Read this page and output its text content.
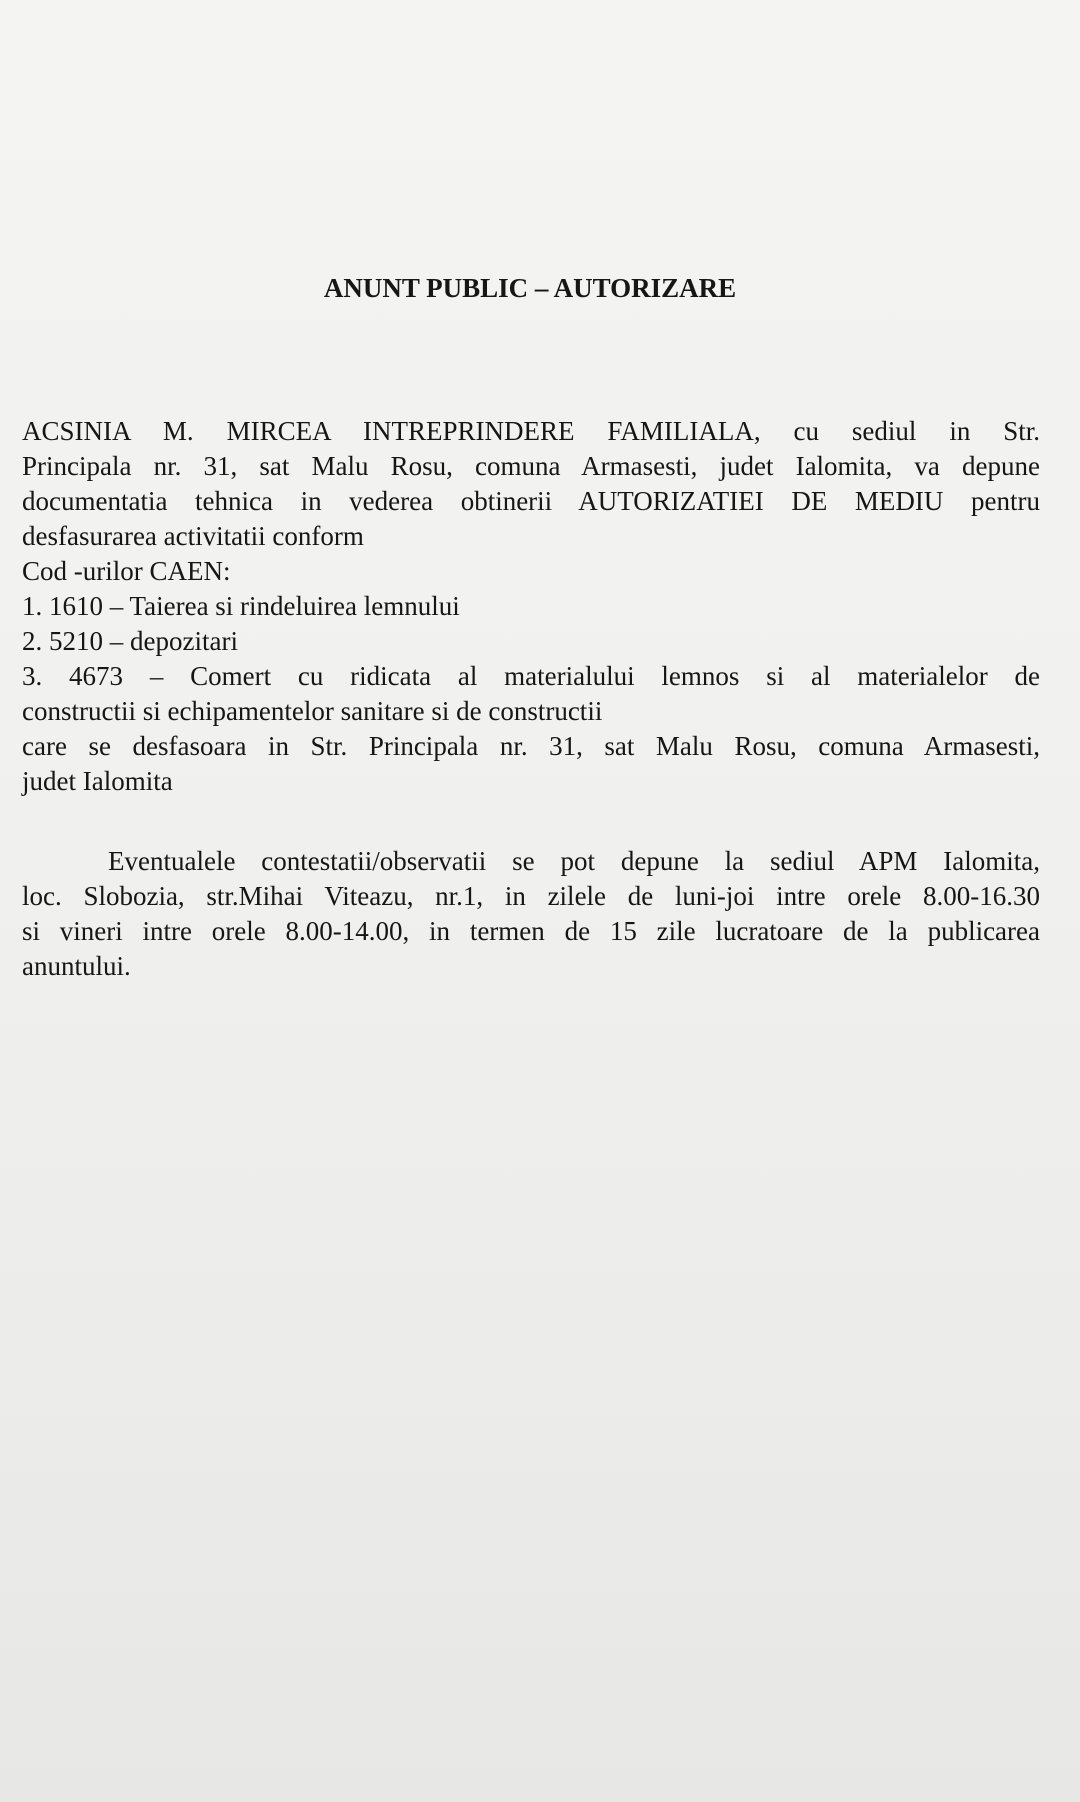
ANUNT PUBLIC – AUTORIZARE
ACSINIA M. MIRCEA INTREPRINDERE FAMILIALA, cu sediul in Str.
Principala nr. 31, sat Malu Rosu, comuna Armasesti, judet Ialomita, va depune
documentatia tehnica in vederea obtinerii AUTORIZATIEI DE MEDIU pentru
desfasurarea activitatii conform
Cod -urilor CAEN:
1. 1610 – Taierea si rindeluirea lemnului
2. 5210 – depozitari
3. 4673 – Comert cu ridicata al materialului lemnos si al materialelor de
constructii si echipamentelor sanitare si de constructii
care se desfasoara in Str. Principala nr. 31, sat Malu Rosu, comuna Armasesti,
judet Ialomita
Eventualele contestatii/observatii se pot depune la sediul APM Ialomita,
loc. Slobozia, str.Mihai Viteazu, nr.1, in zilele de luni-joi intre orele 8.00-16.30
si vineri intre orele 8.00-14.00, in termen de 15 zile lucratoare de la publicarea
anuntului.
